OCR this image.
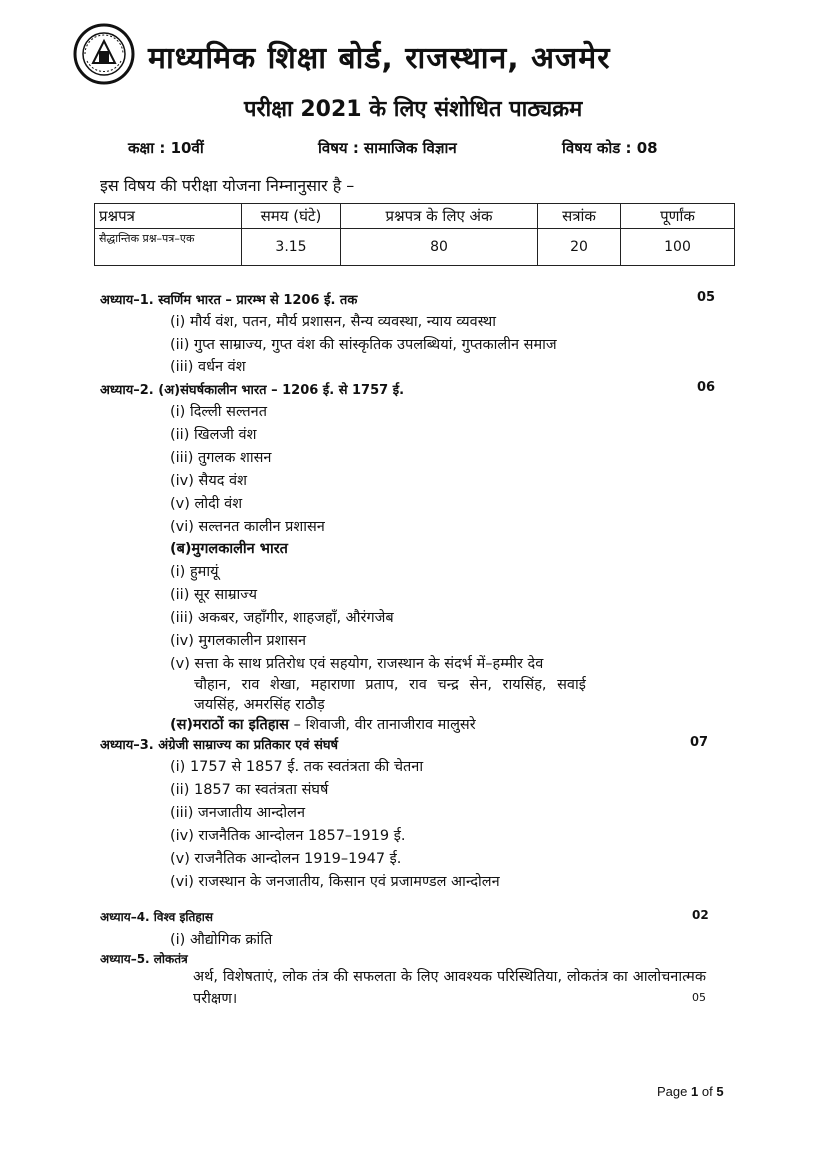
माध्यमिक शिक्षा बोर्ड, राजस्थान, अजमेर
परीक्षा 2021 के लिए संशोधित पाठ्यक्रम
कक्षा : 10वीं	विषय : सामाजिक विज्ञान	विषय कोड : 08
इस विषय की परीक्षा योजना निम्नानुसार है –
प्रश्नपत्र	समय (घंटे)	प्रश्नपत्र के लिए अंक	सत्रांक	पूर्णांक
सैद्धान्तिक प्रश्न–पत्र–एक	3.15	80	20	100
अध्याय–1. स्वर्णिम भारत – प्रारम्भ से 1206 ई. तक	05
(i) मौर्य वंश, पतन, मौर्य प्रशासन, सैन्य व्यवस्था, न्याय व्यवस्था
(ii) गुप्त साम्राज्य, गुप्त वंश की सांस्कृतिक उपलब्धियां, गुप्तकालीन समाज
(iii) वर्धन वंश
अध्याय–2. (अ)संघर्षकालीन भारत – 1206 ई. से 1757 ई.	06
(i) दिल्ली सल्तनत
(ii) खिलजी वंश
(iii) तुगलक शासन
(iv) सैयद वंश
(v) लोदी वंश
(vi) सल्तनत कालीन प्रशासन
(ब)मुगलकालीन भारत
(i) हुमायूं
(ii) सूर साम्राज्य
(iii) अकबर, जहाँगीर, शाहजहाँ, औरंगजेब
(iv) मुगलकालीन प्रशासन
(v) सत्ता के साथ प्रतिरोध एवं सहयोग, राजस्थान के संदर्भ में–हम्मीर देव
चौहान, राव शेखा, महाराणा प्रताप, राव चन्द्र सेन, रायसिंह, सवाई
जयसिंह, अमरसिंह राठौड़
(स)मराठों का इतिहास – शिवाजी, वीर तानाजीराव मालुसरे
अध्याय–3. अंग्रेजी साम्राज्य का प्रतिकार एवं संघर्ष	07
(i) 1757 से 1857 ई. तक स्वतंत्रता की चेतना
(ii) 1857 का स्वतंत्रता संघर्ष
(iii) जनजातीय आन्दोलन
(iv) राजनैतिक आन्दोलन 1857–1919 ई.
(v) राजनैतिक आन्दोलन 1919–1947 ई.
(vi) राजस्थान के जनजातीय, किसान एवं प्रजामण्डल आन्दोलन
अध्याय–4. विश्व इतिहास	02
(i) औद्योगिक क्रांति
अध्याय–5. लोकतंत्र
अर्थ, विशेषताएं, लोक तंत्र की सफलता के लिए आवश्यक परिस्थितिया, लोकतंत्र का आलोचनात्मक परीक्षण।	05
Page 1 of 5
